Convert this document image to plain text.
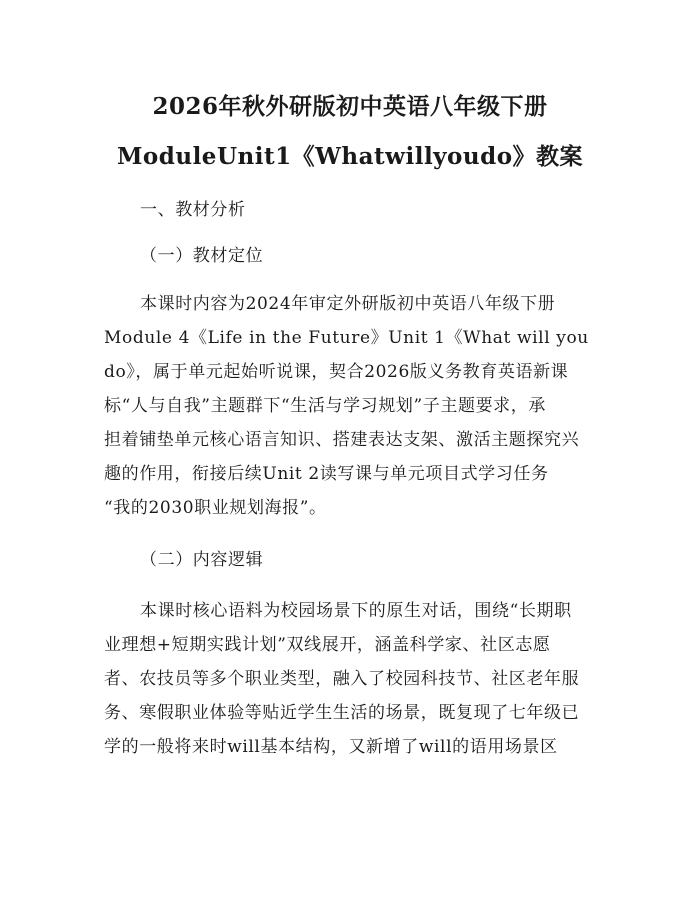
2026年秋外研版初中英语八年级下册
ModuleUnit1《Whatwillyoudo》教案
一、教材分析
（一）教材定位
本课时内容为2024年审定外研版初中英语八年级下册
Module 4《Life in the Future》Unit 1《What will you
do》，属于单元起始听说课，契合2026版义务教育英语新课
标“人与自我”主题群下“生活与学习规划”子主题要求，承
担着铺垫单元核心语言知识、搭建表达支架、激活主题探究兴
趣的作用，衔接后续Unit 2读写课与单元项目式学习任务
“我的2030职业规划海报”。
（二）内容逻辑
本课时核心语料为校园场景下的原生对话，围绕“长期职
业理想+短期实践计划”双线展开，涵盖科学家、社区志愿
者、农技员等多个职业类型，融入了校园科技节、社区老年服
务、寒假职业体验等贴近学生生活的场景，既复现了七年级已
学的一般将来时will基本结构，又新增了will的语用场景区
